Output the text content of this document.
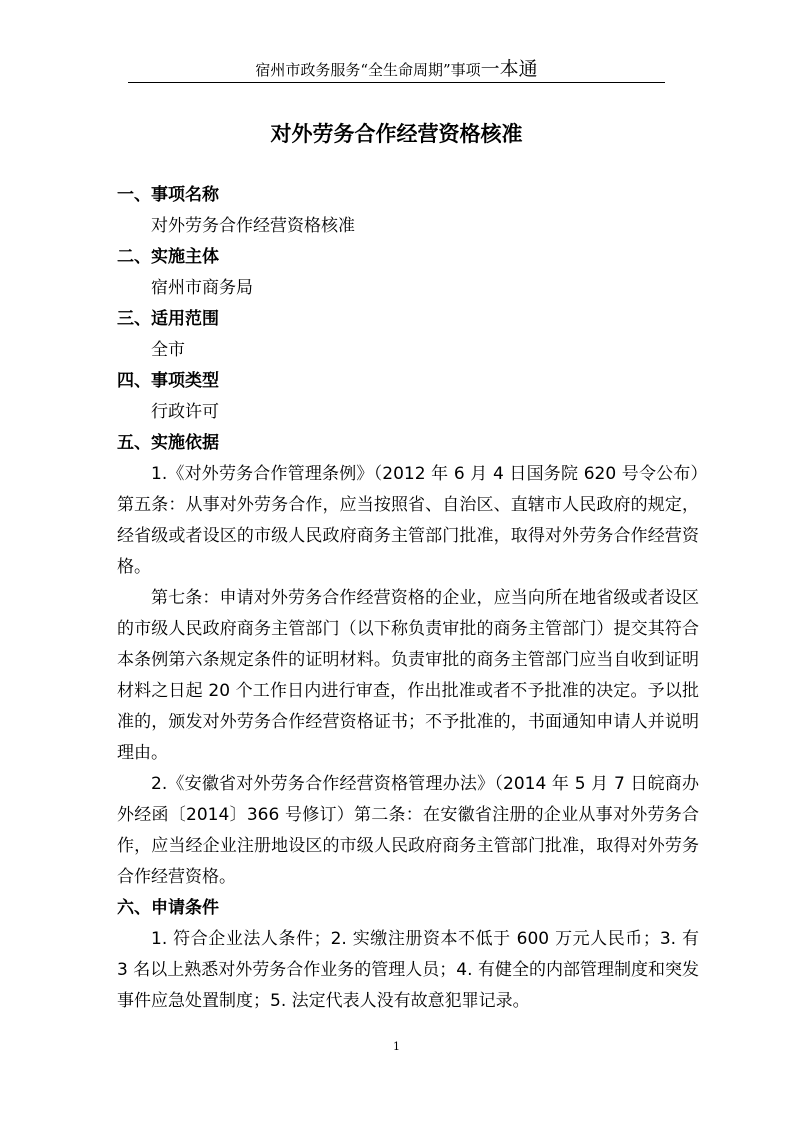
宿州市政务服务“全生命周期”事项一本通
对外劳务合作经营资格核准
一、事项名称
对外劳务合作经营资格核准
二、实施主体
宿州市商务局
三、适用范围
全市
四、事项类型
行政许可
五、实施依据
1.《对外劳务合作管理条例》（2012 年 6 月 4 日国务院 620 号令公布）第五条：从事对外劳务合作，应当按照省、自治区、直辖市人民政府的规定，经省级或者设区的市级人民政府商务主管部门批准，取得对外劳务合作经营资格。
第七条：申请对外劳务合作经营资格的企业，应当向所在地省级或者设区的市级人民政府商务主管部门（以下称负责审批的商务主管部门）提交其符合本条例第六条规定条件的证明材料。负责审批的商务主管部门应当自收到证明材料之日起 20 个工作日内进行审查，作出批准或者不予批准的决定。予以批准的，颁发对外劳务合作经营资格证书；不予批准的，书面通知申请人并说明理由。
2.《安徽省对外劳务合作经营资格管理办法》（2014 年 5 月 7 日皖商办外经函〔2014〕366 号修订）第二条：在安徽省注册的企业从事对外劳务合作，应当经企业注册地设区的市级人民政府商务主管部门批准，取得对外劳务合作经营资格。
六、申请条件
1. 符合企业法人条件；2. 实缴注册资本不低于 600 万元人民币；3. 有 3 名以上熟悉对外劳务合作业务的管理人员；4. 有健全的内部管理制度和突发事件应急处置制度；5. 法定代表人没有故意犯罪记录。
1
